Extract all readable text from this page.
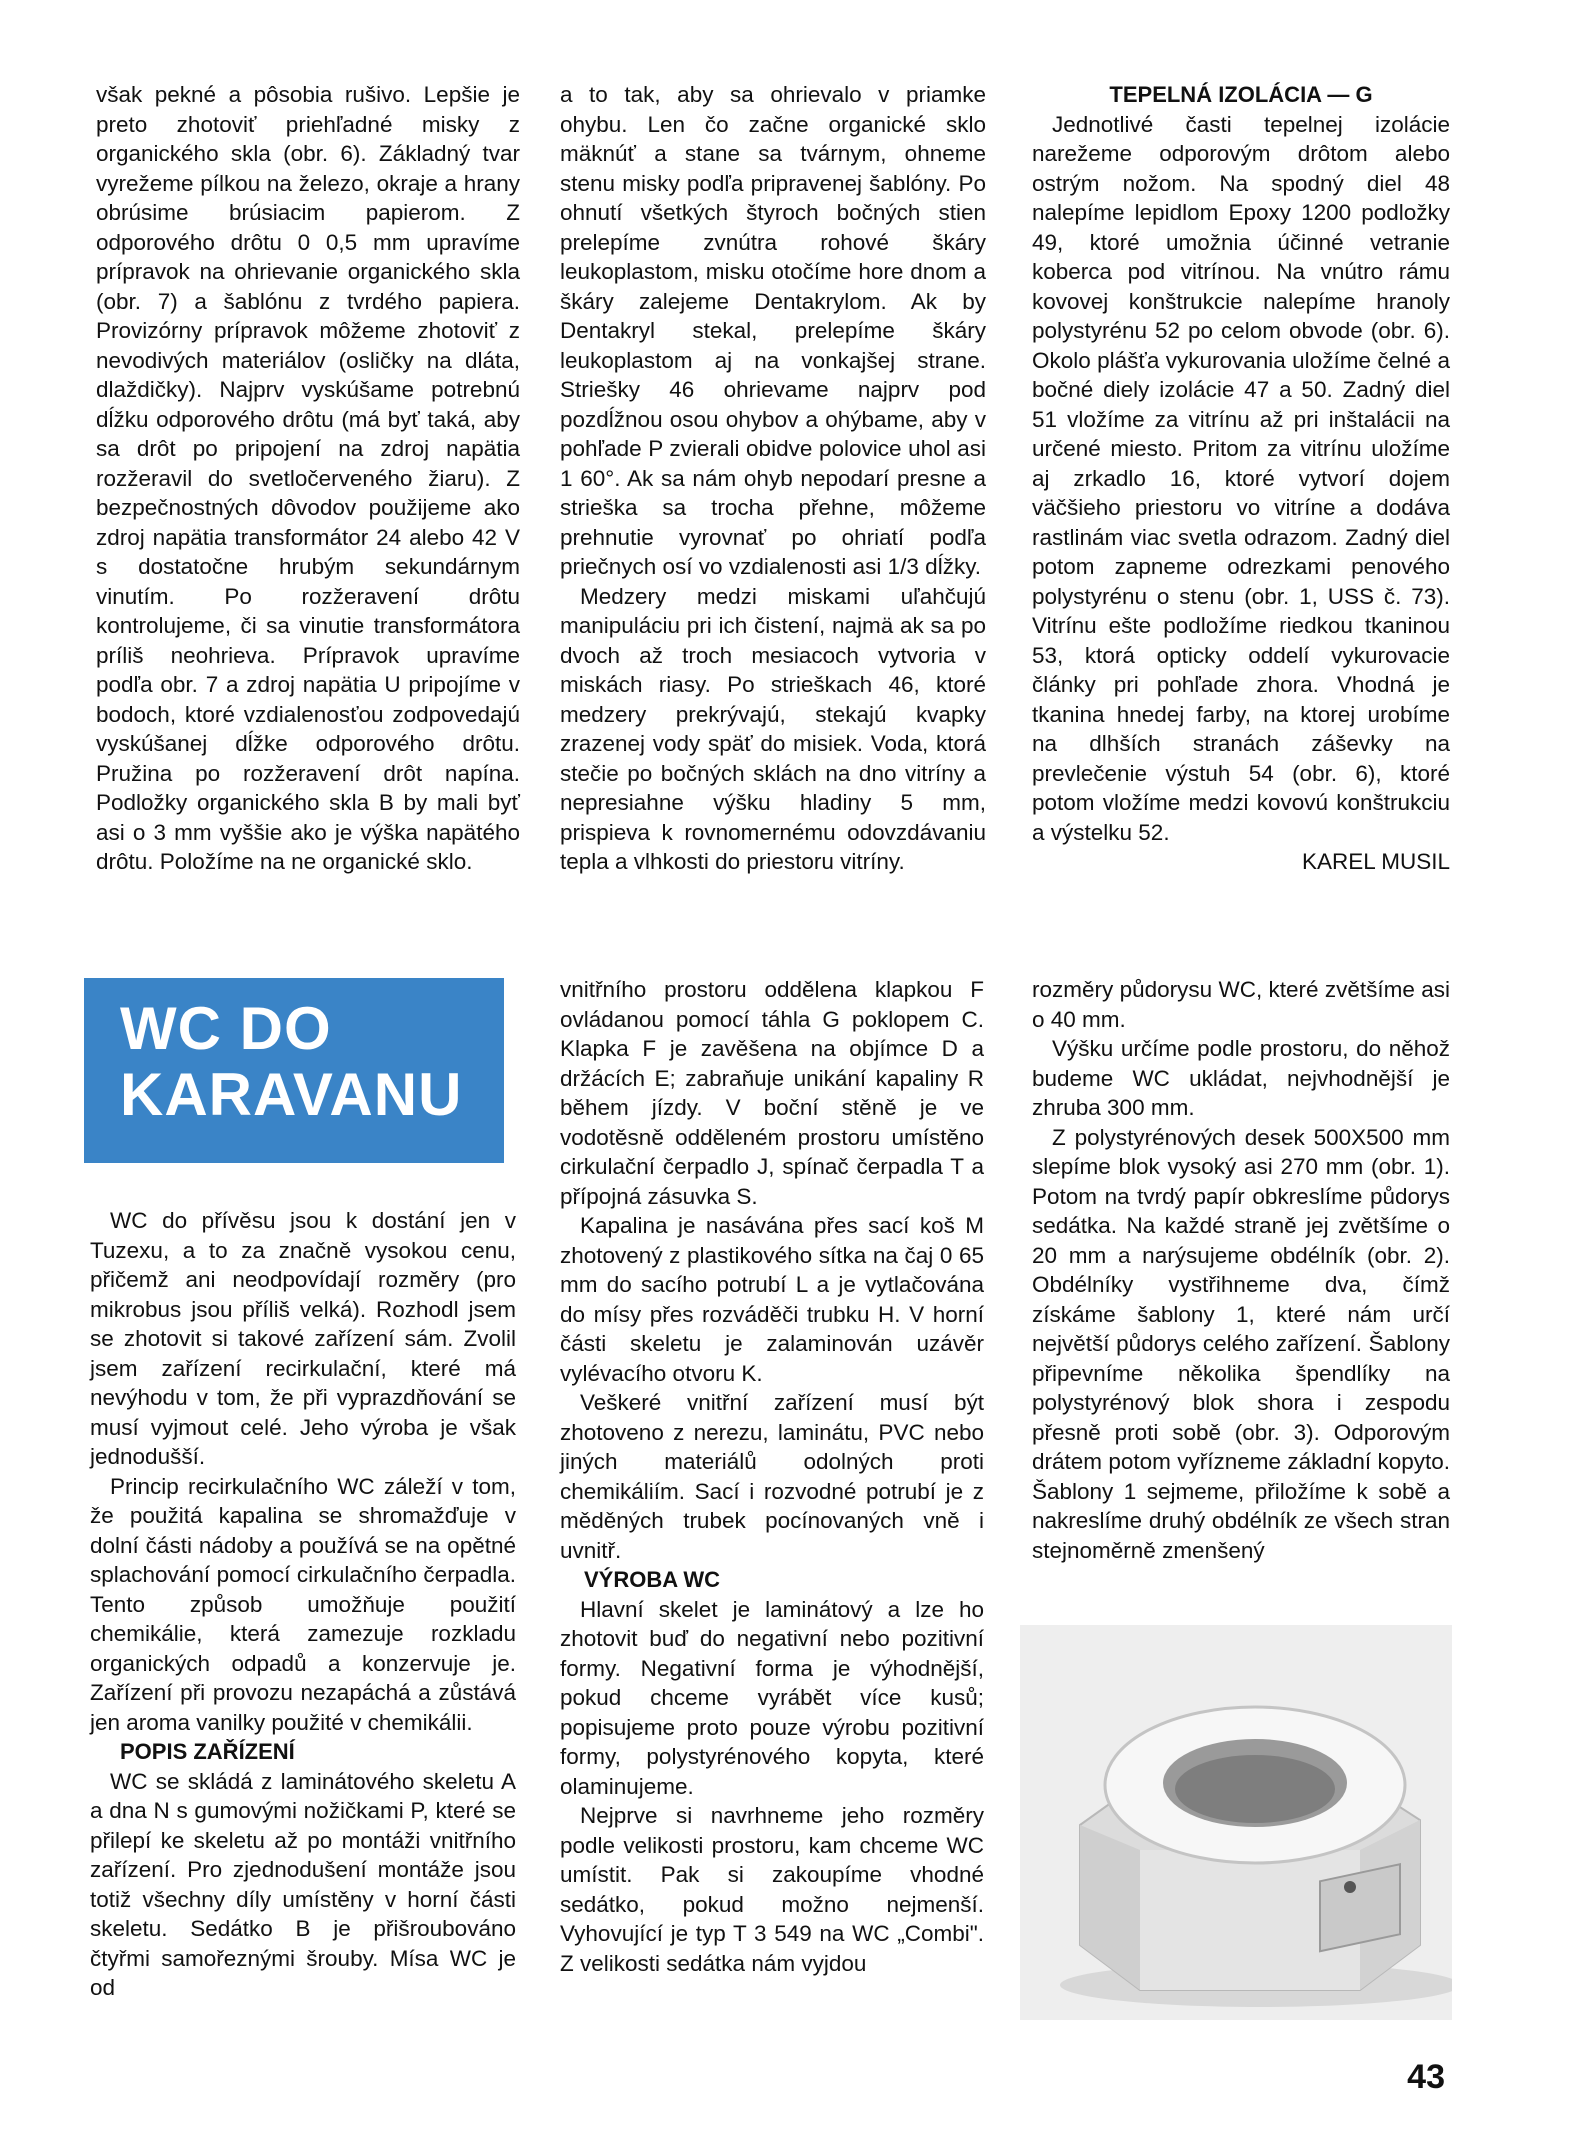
však pekné a pôsobia rušivo. Lepšie je preto zhotoviť priehľadné misky z organického skla (obr. 6). Základný tvar vyrežeme pílkou na železo, okraje a hrany obrúsime brúsiacim papierom. Z odporového drôtu 0 0,5 mm upravíme prípravok na ohrievanie organického skla (obr. 7) a šablónu z tvrdého papiera. Provizórny prípravok môžeme zhotoviť z nevodivých materiálov (osličky na dláta, dlaždičky). Najprv vyskúšame potrebnú dĺžku odporového drôtu (má byť taká, aby sa drôt po pripojení na zdroj napätia rozžeravil do svetločerveného žiaru). Z bezpečnostných dôvodov použijeme ako zdroj napätia transformátor 24 alebo 42 V s dostatočne hrubým sekundárnym vinutím. Po rozžeravení drôtu kontrolujeme, či sa vinutie transformátora príliš neohrieva. Prípravok upravíme podľa obr. 7 a zdroj napätia U pripojíme v bodoch, ktoré vzdialenosťou zodpovedajú vyskúšanej dĺžke odporového drôtu. Pružina po rozžeravení drôt napína. Podložky organického skla B by mali byť asi o 3 mm vyššie ako je výška napätého drôtu. Položíme na ne organické sklo.

a to tak, aby sa ohrievalo v priamke ohybu. Len čo začne organické sklo mäknúť a stane sa tvárnym, ohneme stenu misky podľa pripravenej šablóny. Po ohnutí všetkých štyroch bočných stien prelepíme zvnútra rohové škáry leukoplastom, misku otočíme hore dnom a škáry zalejeme Dentakrylom. Ak by Dentakryl stekal, prelepíme škáry leukoplastom aj na vonkajšej strane. Striešky 46 ohrievame najprv pod pozdĺžnou osou ohybov a ohýbame, aby v pohľade P zvierali obidve polovice uhol asi 1 60°. Ak sa nám ohyb nepodarí presne a strieška sa trocha přehne, môžeme prehnutie vyrovnať po ohriatí podľa priečnych osí vo vzdialenosti asi 1/3 dĺžky.

Medzery medzi miskami uľahčujú manipuláciu pri ich čistení, najmä ak sa po dvoch až troch mesiacoch vytvoria v miskách riasy. Po strieškach 46, ktoré medzery prekrývajú, stekajú kvapky zrazenej vody späť do misiek. Voda, ktorá stečie po bočných sklách na dno vitríny a nepresiahne výšku hladiny 5 mm, prispieva k rovnomernému odovzdávaniu tepla a vlhkosti do priestoru vitríny.

TEPELNÁ IZOLÁCIA — G

Jednotlivé časti tepelnej izolácie narežeme odporovým drôtom alebo ostrým nožom. Na spodný diel 48 nalepíme lepidlom Epoxy 1200 podložky 49, ktoré umožnia účinné vetranie koberca pod vitrínou. Na vnútro rámu kovovej konštrukcie nalepíme hranoly polystyrénu 52 po celom obvode (obr. 6). Okolo plášťa vykurovania uložíme čelné a bočné diely izolácie 47 a 50. Zadný diel 51 vložíme za vitrínu až pri inštalácii na určené miesto. Pritom za vitrínu uložíme aj zrkadlo 16, ktoré vytvorí dojem väčšieho priestoru vo vitríne a dodáva rastlinám viac svetla odrazom. Zadný diel potom zapneme odrezkami penového polystyrénu o stenu (obr. 1, USS č. 73). Vitrínu ešte podložíme riedkou tkaninou 53, ktorá opticky oddelí vykurovacie články pri pohľade zhora. Vhodná je tkanina hnedej farby, na ktorej urobíme na dlhších stranách záševky na prevlečenie výstuh 54 (obr. 6), ktoré potom vložíme medzi kovovú konštrukciu a výstelku 52.

KAREL MUSIL

WC DO
KARAVANU

WC do přívěsu jsou k dostání jen v Tuzexu, a to za značně vysokou cenu, přičemž ani neodpovídají rozměry (pro mikrobus jsou příliš velká). Rozhodl jsem se zhotovit si takové zařízení sám. Zvolil jsem zařízení recirkulační, které má nevýhodu v tom, že při vyprazdňování se musí vyjmout celé. Jeho výroba je však jednodušší.

Princip recirkulačního WC záleží v tom, že použitá kapalina se shromažďuje v dolní části nádoby a používá se na opětné splachování pomocí cirkulačního čerpadla. Tento způsob umožňuje použití chemikálie, která zamezuje rozkladu organických odpadů a konzervuje je. Zařízení při provozu nezapáchá a zůstává jen aroma vanilky použité v chemikálii.

POPIS ZAŘÍZENÍ

WC se skládá z laminátového skeletu A a dna N s gumovými nožičkami P, které se přilepí ke skeletu až po montáži vnitřního zařízení. Pro zjednodušení montáže jsou totiž všechny díly umístěny v horní části skeletu. Sedátko B je přišroubováno čtyřmi samořeznými šrouby. Mísa WC je od

vnitřního prostoru oddělena klapkou F ovládanou pomocí táhla G poklopem C. Klapka F je zavěšena na objímce D a držácích E; zabraňuje unikání kapaliny R během jízdy. V boční stěně je ve vodotěsně odděleném prostoru umístěno cirkulační čerpadlo J, spínač čerpadla T a přípojná zásuvka S.

Kapalina je nasávána přes sací koš M zhotovený z plastikového sítka na čaj 0 65 mm do sacího potrubí L a je vytlačována do mísy přes rozváděči trubku H. V horní části skeletu je zalaminován uzávěr vylévacího otvoru K.

Veškeré vnitřní zařízení musí být zhotoveno z nerezu, laminátu, PVC nebo jiných materiálů odolných proti chemikáliím. Sací i rozvodné potrubí je z měděných trubek pocínovaných vně i uvnitř.

VÝROBA WC

Hlavní skelet je laminátový a lze ho zhotovit buď do negativní nebo pozitivní formy. Negativní forma je výhodnější, pokud chceme vyrábět více kusů; popisujeme proto pouze výrobu pozitivní formy, polystyrénového kopyta, které olaminujeme.

Nejprve si navrhneme jeho rozměry podle velikosti prostoru, kam chceme WC umístit. Pak si zakoupíme vhodné sedátko, pokud možno nejmenší. Vyhovující je typ T 3 549 na WC „Combi". Z velikosti sedátka nám vyjdou

rozměry půdorysu WC, které zvětšíme asi o 40 mm.

Výšku určíme podle prostoru, do něhož budeme WC ukládat, nejvhodnější je zhruba 300 mm.

Z polystyrénových desek 500X500 mm slepíme blok vysoký asi 270 mm (obr. 1). Potom na tvrdý papír obkreslíme půdorys sedátka. Na každé straně jej zvětšíme o 20 mm a narýsujeme obdélník (obr. 2). Obdélníky vystřihneme dva, čímž získáme šablony 1, které nám určí největší půdorys celého zařízení. Šablony připevníme několika špendlíky na polystyrénový blok shora i zespodu přesně proti sobě (obr. 3). Odporovým drátem potom vyřízneme základní kopyto. Šablony 1 sejmeme, přiložíme k sobě a nakreslíme druhý obdélník ze všech stran stejnoměrně zmenšený

43
